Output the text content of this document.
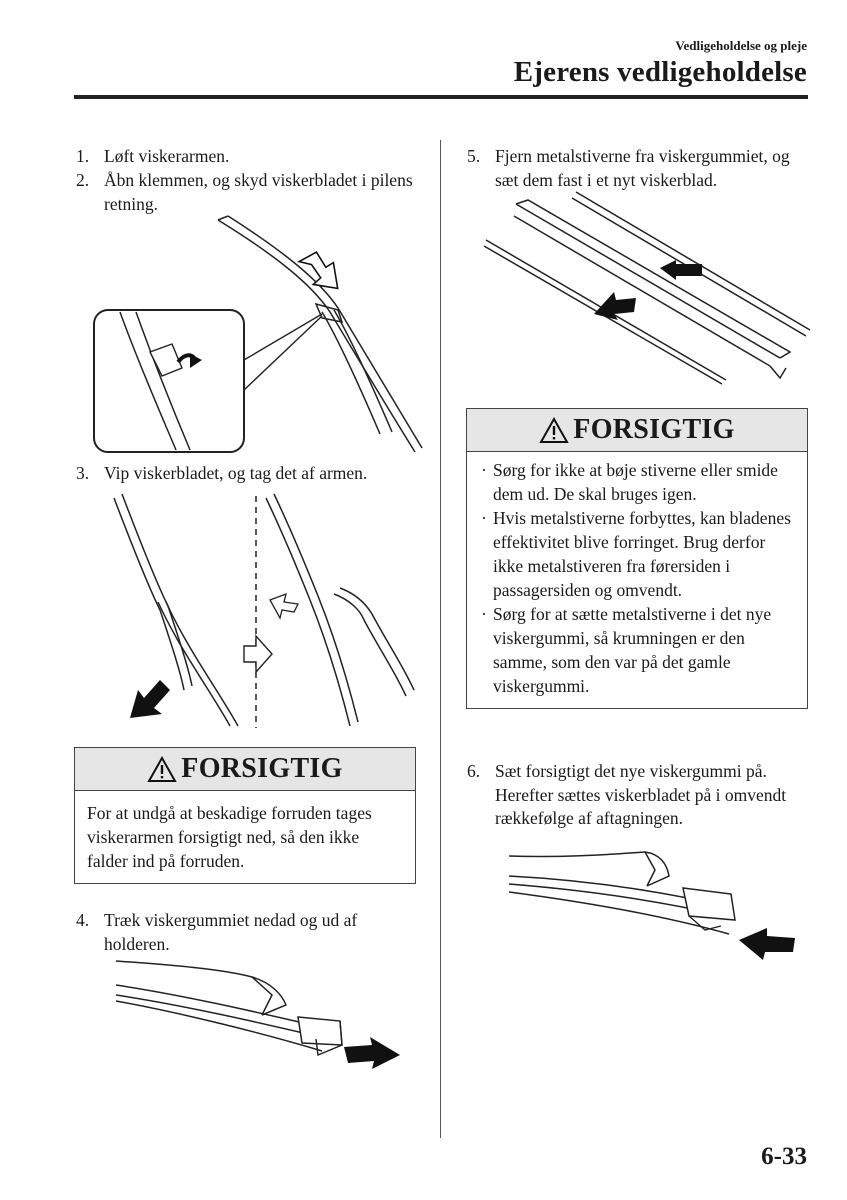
Vedligeholdelse og pleje
Ejerens vedligeholdelse
1. Løft viskerarmen.
2. Åbn klemmen, og skyd viskerbladet i pilens retning.
3. Vip viskerbladet, og tag det af armen.
FORSIGTIG
For at undgå at beskadige forruden tages viskerarmen forsigtigt ned, så den ikke falder ind på forruden.
4. Træk viskergummiet nedad og ud af holderen.
5. Fjern metalstiverne fra viskergummiet, og sæt dem fast i et nyt viskerblad.
FORSIGTIG
· Sørg for ikke at bøje stiverne eller smide dem ud. De skal bruges igen.
· Hvis metalstiverne forbyttes, kan bladenes effektivitet blive forringet. Brug derfor ikke metalstiveren fra førersiden i passagersiden og omvendt.
· Sørg for at sætte metalstiverne i det nye viskergummi, så krumningen er den samme, som den var på det gamle viskergummi.
6. Sæt forsigtigt det nye viskergummi på. Herefter sættes viskerbladet på i omvendt rækkefølge af aftagningen.
6-33
